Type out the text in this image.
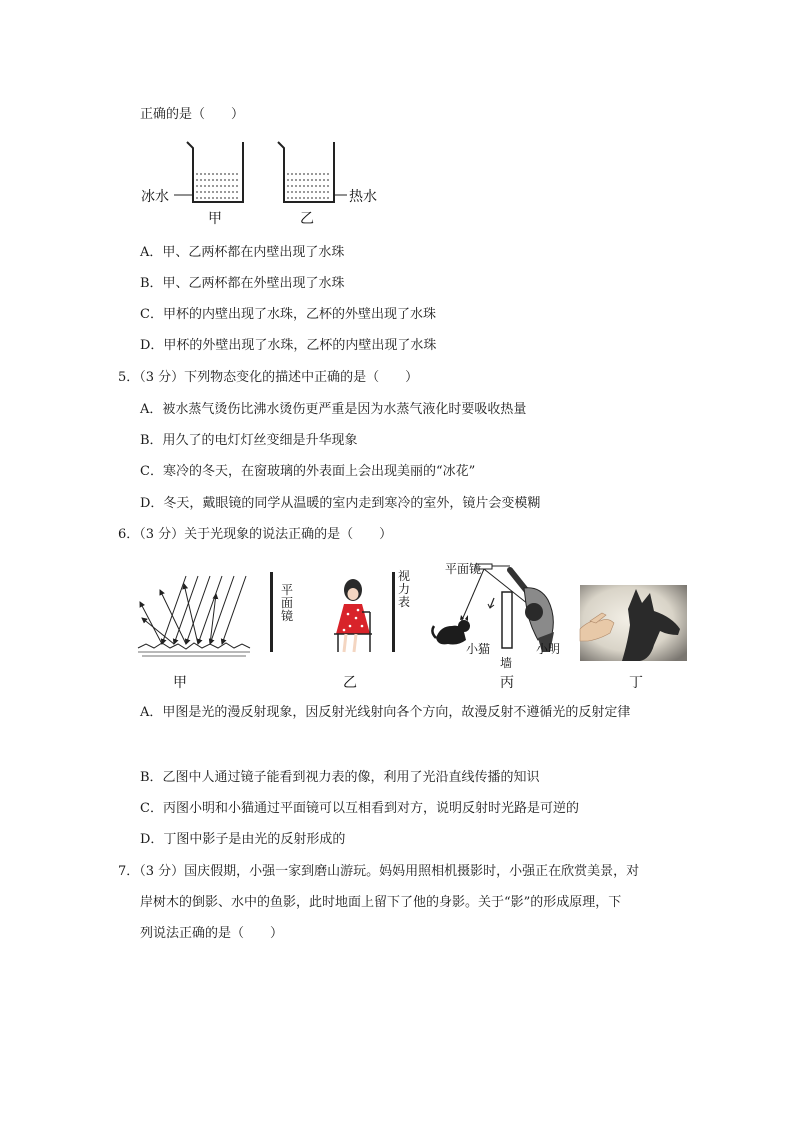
正确的是（　　）
冰水	热水
甲	乙
A．甲、乙两杯都在内壁出现了水珠
B．甲、乙两杯都在外壁出现了水珠
C．甲杯的内壁出现了水珠，乙杯的外壁出现了水珠
D．甲杯的外壁出现了水珠，乙杯的内壁出现了水珠
5．（3 分）下列物态变化的描述中正确的是（　　）
A．被水蒸气烫伤比沸水烫伤更严重是因为水蒸气液化时要吸收热量
B．用久了的电灯灯丝变细是升华现象
C．寒冷的冬天，在窗玻璃的外表面上会出现美丽的“冰花”
D．冬天，戴眼镜的同学从温暖的室内走到寒冷的室外，镜片会变模糊
6．（3 分）关于光现象的说法正确的是（　　）
甲
平面镜
视力表
乙
平面镜
小猫
墙
小明
丙	丁
A．甲图是光的漫反射现象，因反射光线射向各个方向，故漫反射不遵循光的反射定律
B．乙图中人通过镜子能看到视力表的像，利用了光沿直线传播的知识
C．丙图小明和小猫通过平面镜可以互相看到对方，说明反射时光路是可逆的
D．丁图中影子是由光的反射形成的
7．（3 分）国庆假期，小强一家到磨山游玩。妈妈用照相机摄影时，小强正在欣赏美景，对
岸树木的倒影、水中的鱼影，此时地面上留下了他的身影。关于“影”的形成原理，下
列说法正确的是（　　）
